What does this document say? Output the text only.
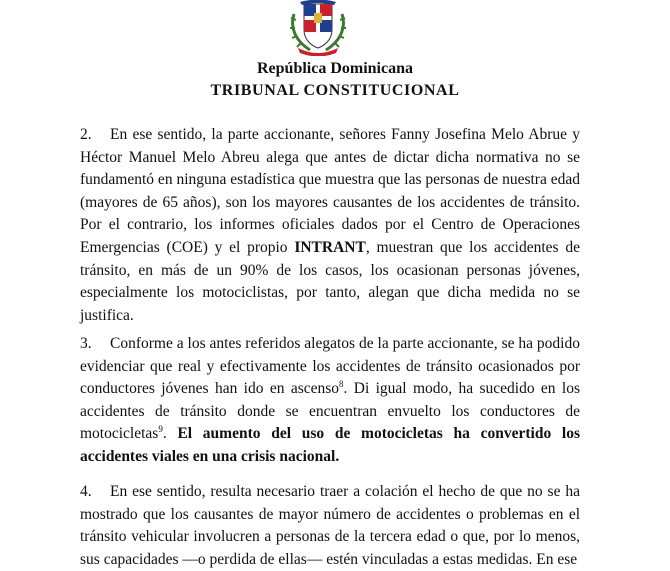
República Dominicana
TRIBUNAL CONSTITUCIONAL
2. En ese sentido, la parte accionante, señores Fanny Josefina Melo Abrue y Héctor Manuel Melo Abreu alega que antes de dictar dicha normativa no se fundamentó en ninguna estadística que muestra que las personas de nuestra edad (mayores de 65 años), son los mayores causantes de los accidentes de tránsito. Por el contrario, los informes oficiales dados por el Centro de Operaciones Emergencias (COE) y el propio INTRANT, muestran que los accidentes de tránsito, en más de un 90% de los casos, los ocasionan personas jóvenes, especialmente los motociclistas, por tanto, alegan que dicha medida no se justifica.
3. Conforme a los antes referidos alegatos de la parte accionante, se ha podido evidenciar que real y efectivamente los accidentes de tránsito ocasionados por conductores jóvenes han ido en ascenso$^8$. Di igual modo, ha sucedido en los accidentes de tránsito donde se encuentran envuelto los conductores de motocicletas$^9$. El aumento del uso de motocicletas ha convertido los accidentes viales en una crisis nacional.
4. En ese sentido, resulta necesario traer a colación el hecho de que no se ha mostrado que los causantes de mayor número de accidentes o problemas en el tránsito vehicular involucren a personas de la tercera edad o que, por lo menos, sus capacidades —o perdida de ellas— estén vinculadas a estas medidas. En ese
